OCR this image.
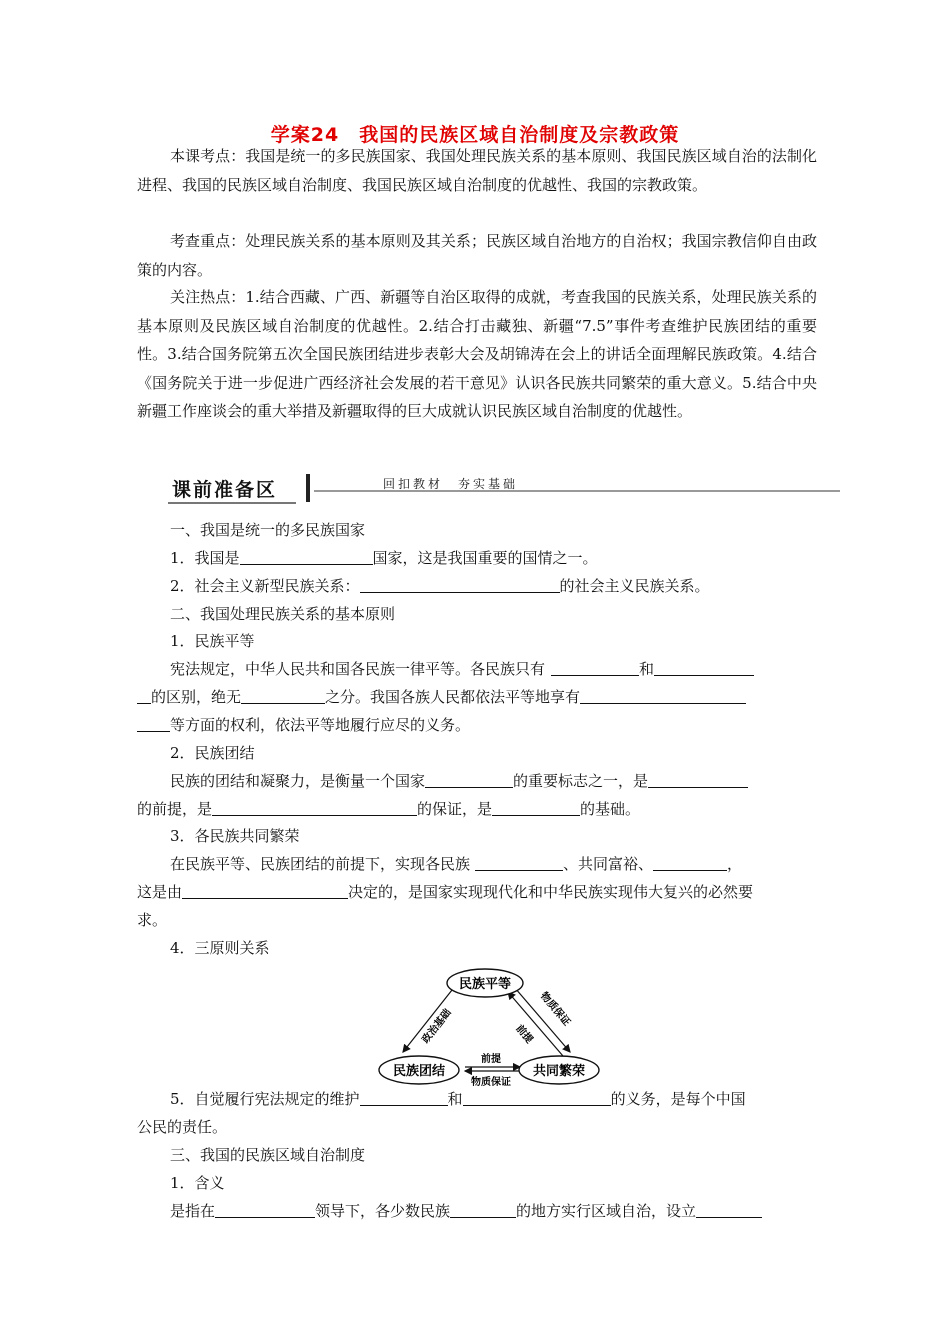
学案24　我国的民族区域自治制度及宗教政策

本课考点：我国是统一的多民族国家、我国处理民族关系的基本原则、我国民族区域自治的法制化进程、我国的民族区域自治制度、我国民族区域自治制度的优越性、我国的宗教政策。

考查重点：处理民族关系的基本原则及其关系；民族区域自治地方的自治权；我国宗教信仰自由政策的内容。

关注热点：1.结合西藏、广西、新疆等自治区取得的成就，考查我国的民族关系，处理民族关系的基本原则及民族区域自治制度的优越性。2.结合打击藏独、新疆“7.5”事件考查维护民族团结的重要性。3.结合国务院第五次全国民族团结进步表彰大会及胡锦涛在会上的讲话全面理解民族政策。4.结合《国务院关于进一步促进广西经济社会发展的若干意见》认识各民族共同繁荣的重大意义。5.结合中央新疆工作座谈会的重大举措及新疆取得的巨大成就认识民族区域自治制度的优越性。

课前准备区	回扣教材　夯实基础

一、我国是统一的多民族国家

1．我国是	国家，这是我国重要的国情之一。

2．社会主义新型民族关系：	的社会主义民族关系。

二、我国处理民族关系的基本原则

1．民族平等

宪法规定，中华人民共和国各民族一律平等。各民族只有	和

的区别，绝无	之分。我国各族人民都依法平等地享有

等方面的权利，依法平等地履行应尽的义务。

2．民族团结

民族的团结和凝聚力，是衡量一个国家	的重要标志之一，是

的前提，是	的保证，是	的基础。

3．各民族共同繁荣

在民族平等、民族团结的前提下，实现各民族	、共同富裕、	，

这是由	决定的，是国家实现现代化和中华民族实现伟大复兴的必然要

求。

4．三原则关系

民族平等
民族团结	共同繁荣
政治基础	物质保证
前提
前提
物质保证

5．自觉履行宪法规定的维护	和	的义务，是每个中国

公民的责任。

三、我国的民族区域自治制度

1．含义

是指在	领导下，各少数民族	的地方实行区域自治，设立
